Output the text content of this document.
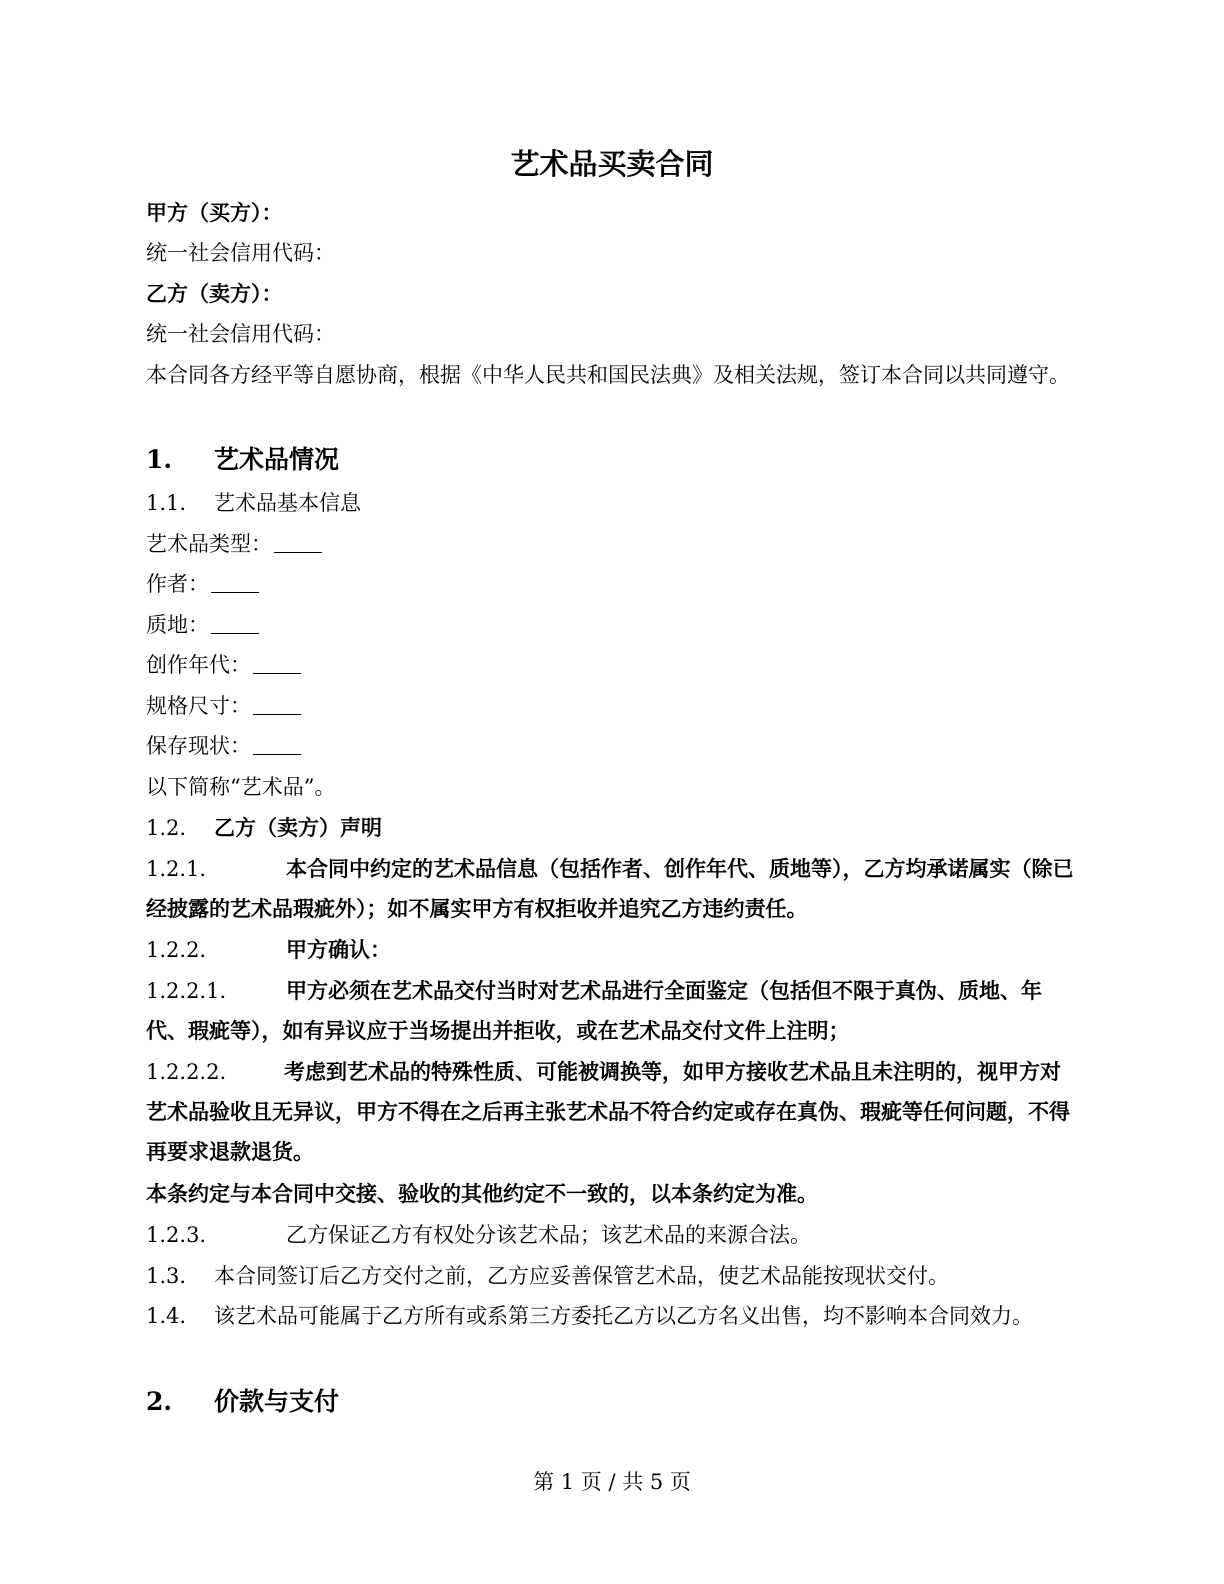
艺术品买卖合同
甲方（买方）：
统一社会信用代码：
乙方（卖方）：
统一社会信用代码：
本合同各方经平等自愿协商，根据《中华人民共和国民法典》及相关法规，签订本合同以共同遵守。
1. 艺术品情况
1.1. 艺术品基本信息
艺术品类型：
作者：
质地：
创作年代：
规格尺寸：
保存现状：
以下简称“艺术品”。
1.2. 乙方（卖方）声明
1.2.1.	本合同中约定的艺术品信息（包括作者、创作年代、质地等），乙方均承诺属实（除已经披露的艺术品瑕疵外）；如不属实甲方有权拒收并追究乙方违约责任。
1.2.2.	甲方确认：
1.2.2.1.	甲方必须在艺术品交付当时对艺术品进行全面鉴定（包括但不限于真伪、质地、年代、瑕疵等），如有异议应于当场提出并拒收，或在艺术品交付文件上注明；
1.2.2.2.	考虑到艺术品的特殊性质、可能被调换等，如甲方接收艺术品且未注明的，视甲方对艺术品验收且无异议，甲方不得在之后再主张艺术品不符合约定或存在真伪、瑕疵等任何问题，不得再要求退款退货。
本条约定与本合同中交接、验收的其他约定不一致的，以本条约定为准。
1.2.3.	乙方保证乙方有权处分该艺术品；该艺术品的来源合法。
1.3. 本合同签订后乙方交付之前，乙方应妥善保管艺术品，使艺术品能按现状交付。
1.4. 该艺术品可能属于乙方所有或系第三方委托乙方以乙方名义出售，均不影响本合同效力。
2. 价款与支付
第 1 页 / 共 5 页
